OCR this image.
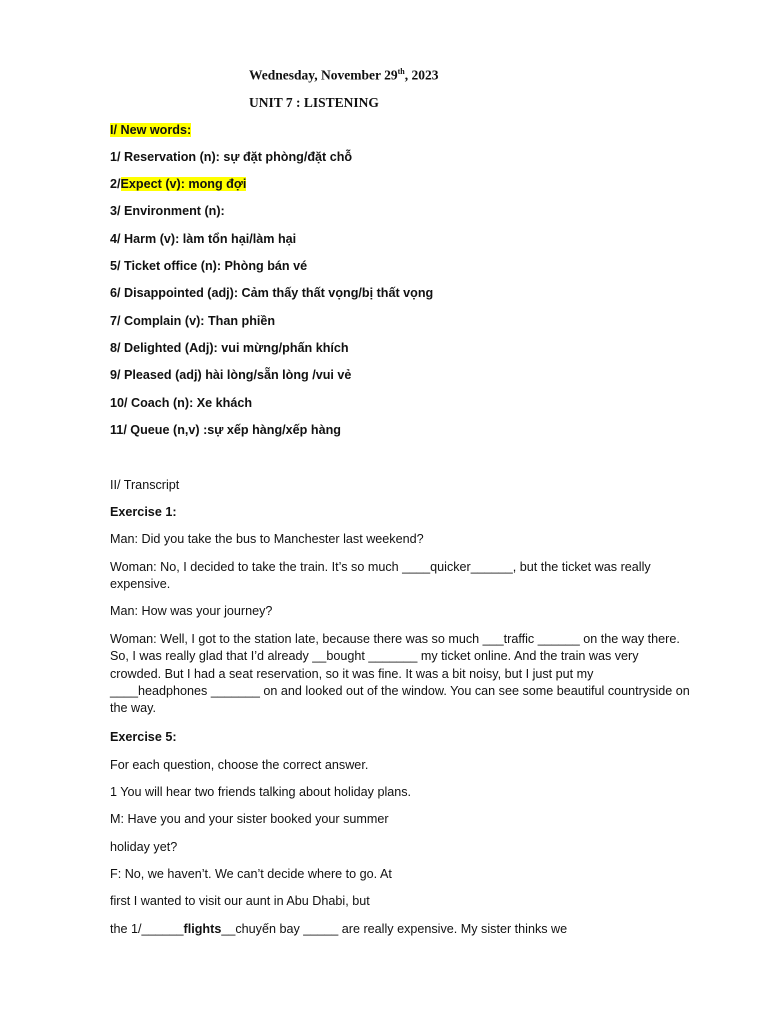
Wednesday, November 29th, 2023
UNIT 7 : LISTENING
I/ New words:
1/ Reservation (n): sự đặt phòng/đặt chỗ
2/Expect (v): mong đợi
3/ Environment (n):
4/ Harm (v): làm tổn hại/làm hại
5/ Ticket office (n): Phòng bán vé
6/ Disappointed (adj): Cảm thấy thất vọng/bị thất vọng
7/ Complain (v): Than phiền
8/ Delighted (Adj): vui mừng/phấn khích
9/ Pleased (adj) hài lòng/sẵn lòng /vui vẻ
10/ Coach (n): Xe khách
11/ Queue (n,v) :sự xếp hàng/xếp hàng
II/ Transcript
Exercise 1:
Man: Did you take the bus to Manchester last weekend?
Woman: No, I decided to take the train. It’s so much ____quicker______, but the ticket was really expensive.
Man: How was your journey?
Woman: Well, I got to the station late, because there was so much ___traffic ______ on the way there. So, I was really glad that I’d already __bought _______ my ticket online. And the train was very crowded. But I had a seat reservation, so it was fine. It was a bit noisy, but I just put my ____headphones _______ on and looked out of the window. You can see some beautiful countryside on the way.
Exercise 5:
For each question, choose the correct answer.
1 You will hear two friends talking about holiday plans.
M: Have you and your sister booked your summer
holiday yet?
F: No, we haven’t. We can’t decide where to go. At
first I wanted to visit our aunt in Abu Dhabi, but
the 1/______flights__chuyến bay _____ are really expensive. My sister thinks we
